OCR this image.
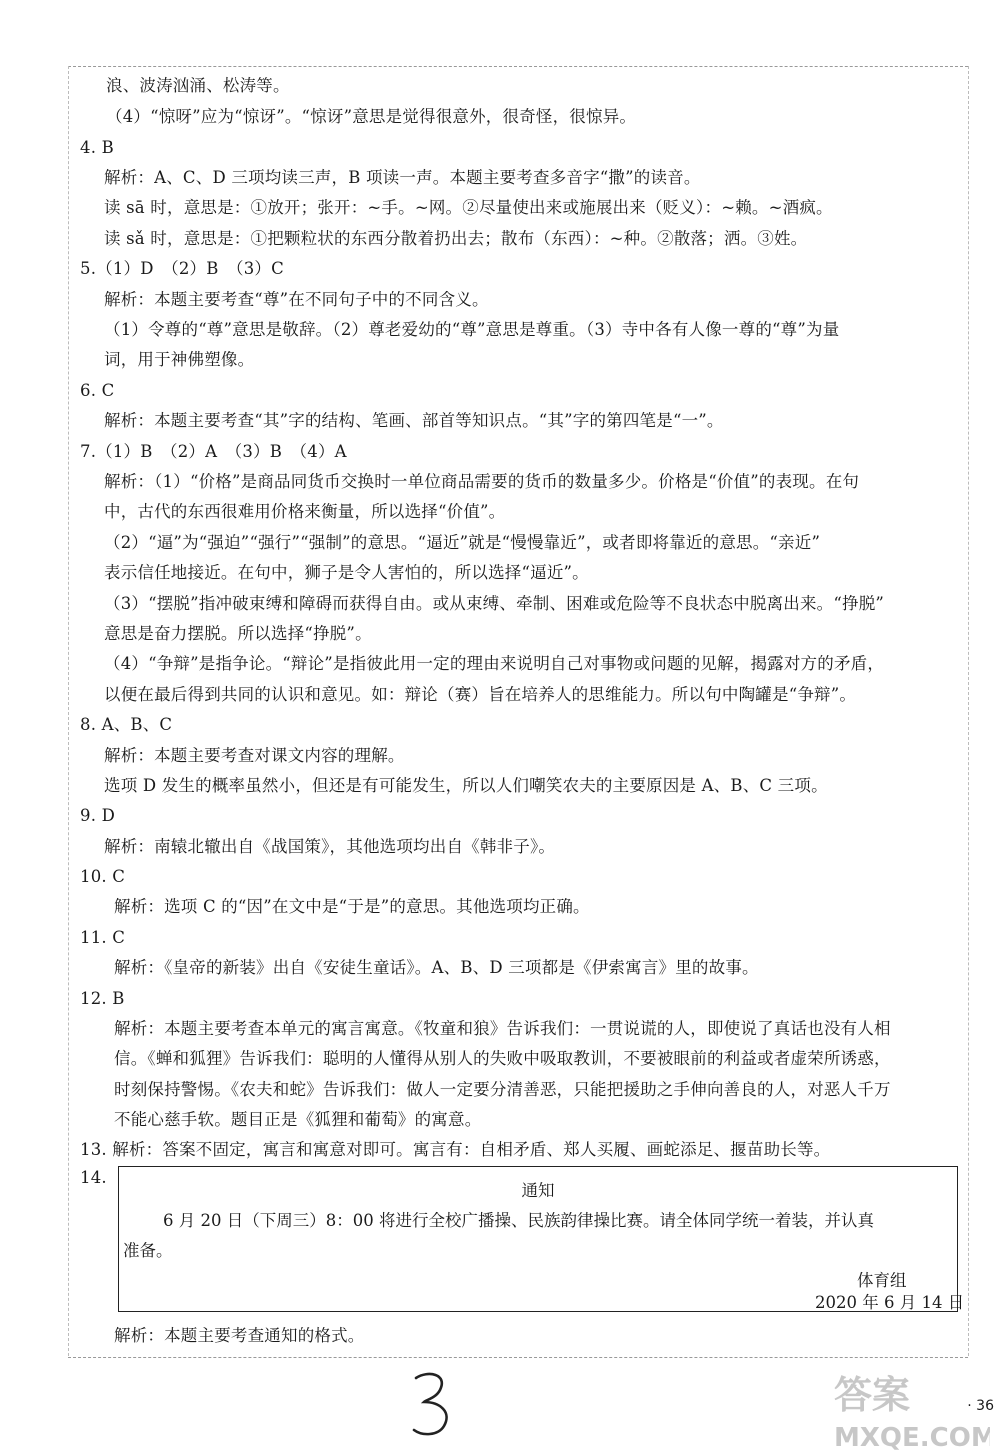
浪、波涛汹涌、松涛等。
（4）“惊呀”应为“惊讶”。“惊讶”意思是觉得很意外，很奇怪，很惊异。
4. B
解析：A、C、D 三项均读三声，B 项读一声。本题主要考查多音字“撒”的读音。
读 sā 时，意思是：①放开；张开：~手。~网。②尽量使出来或施展出来（贬义）：~赖。~酒疯。
读 sǎ 时，意思是：①把颗粒状的东西分散着扔出去；散布（东西）：~种。②散落；洒。③姓。
5.（1）D　（2）B　（3）C
解析：本题主要考查“尊”在不同句子中的不同含义。
（1）令尊的“尊”意思是敬辞。（2）尊老爱幼的“尊”意思是尊重。（3）寺中各有人像一尊的“尊”为量
词，用于神佛塑像。
6. C
解析：本题主要考查“其”字的结构、笔画、部首等知识点。“其”字的第四笔是“一”。
7.（1）B　（2）A　（3）B　（4）A
解析：（1）“价格”是商品同货币交换时一单位商品需要的货币的数量多少。价格是“价值”的表现。在句
中，古代的东西很难用价格来衡量，所以选择“价值”。
（2）“逼”为“强迫”“强行”“强制”的意思。“逼近”就是“慢慢靠近”，或者即将靠近的意思。“亲近”
表示信任地接近。在句中，狮子是令人害怕的，所以选择“逼近”。
（3）“摆脱”指冲破束缚和障碍而获得自由。或从束缚、牵制、困难或危险等不良状态中脱离出来。“挣脱”
意思是奋力摆脱。所以选择“挣脱”。
（4）“争辩”是指争论。“辩论”是指彼此用一定的理由来说明自己对事物或问题的见解，揭露对方的矛盾，
以便在最后得到共同的认识和意见。如：辩论（赛）旨在培养人的思维能力。所以句中陶罐是“争辩”。
8. A、B、C
解析：本题主要考查对课文内容的理解。
选项 D 发生的概率虽然小，但还是有可能发生，所以人们嘲笑农夫的主要原因是 A、B、C 三项。
9. D
解析：南辕北辙出自《战国策》，其他选项均出自《韩非子》。
10. C
解析：选项 C 的“因”在文中是“于是”的意思。其他选项均正确。
11. C
解析：《皇帝的新装》出自《安徒生童话》。A、B、D 三项都是《伊索寓言》里的故事。
12. B
解析：本题主要考查本单元的寓言寓意。《牧童和狼》告诉我们：一贯说谎的人，即使说了真话也没有人相
信。《蝉和狐狸》告诉我们：聪明的人懂得从别人的失败中吸取教训，不要被眼前的利益或者虚荣所诱惑，
时刻保持警惕。《农夫和蛇》告诉我们：做人一定要分清善恶，只能把援助之手伸向善良的人，对恶人千万
不能心慈手软。题目正是《狐狸和葡萄》的寓意。
13. 解析：答案不固定，寓言和寓意对即可。寓言有：自相矛盾、郑人买履、画蛇添足、揠苗助长等。
14.
通知
6 月 20 日（下周三）8：00 将进行全校广播操、民族韵律操比赛。请全体同学统一着装，并认真
准备。
体育组
2020 年 6 月 14 日
解析：本题主要考查通知的格式。
答案
MXQE.COM
· 36
